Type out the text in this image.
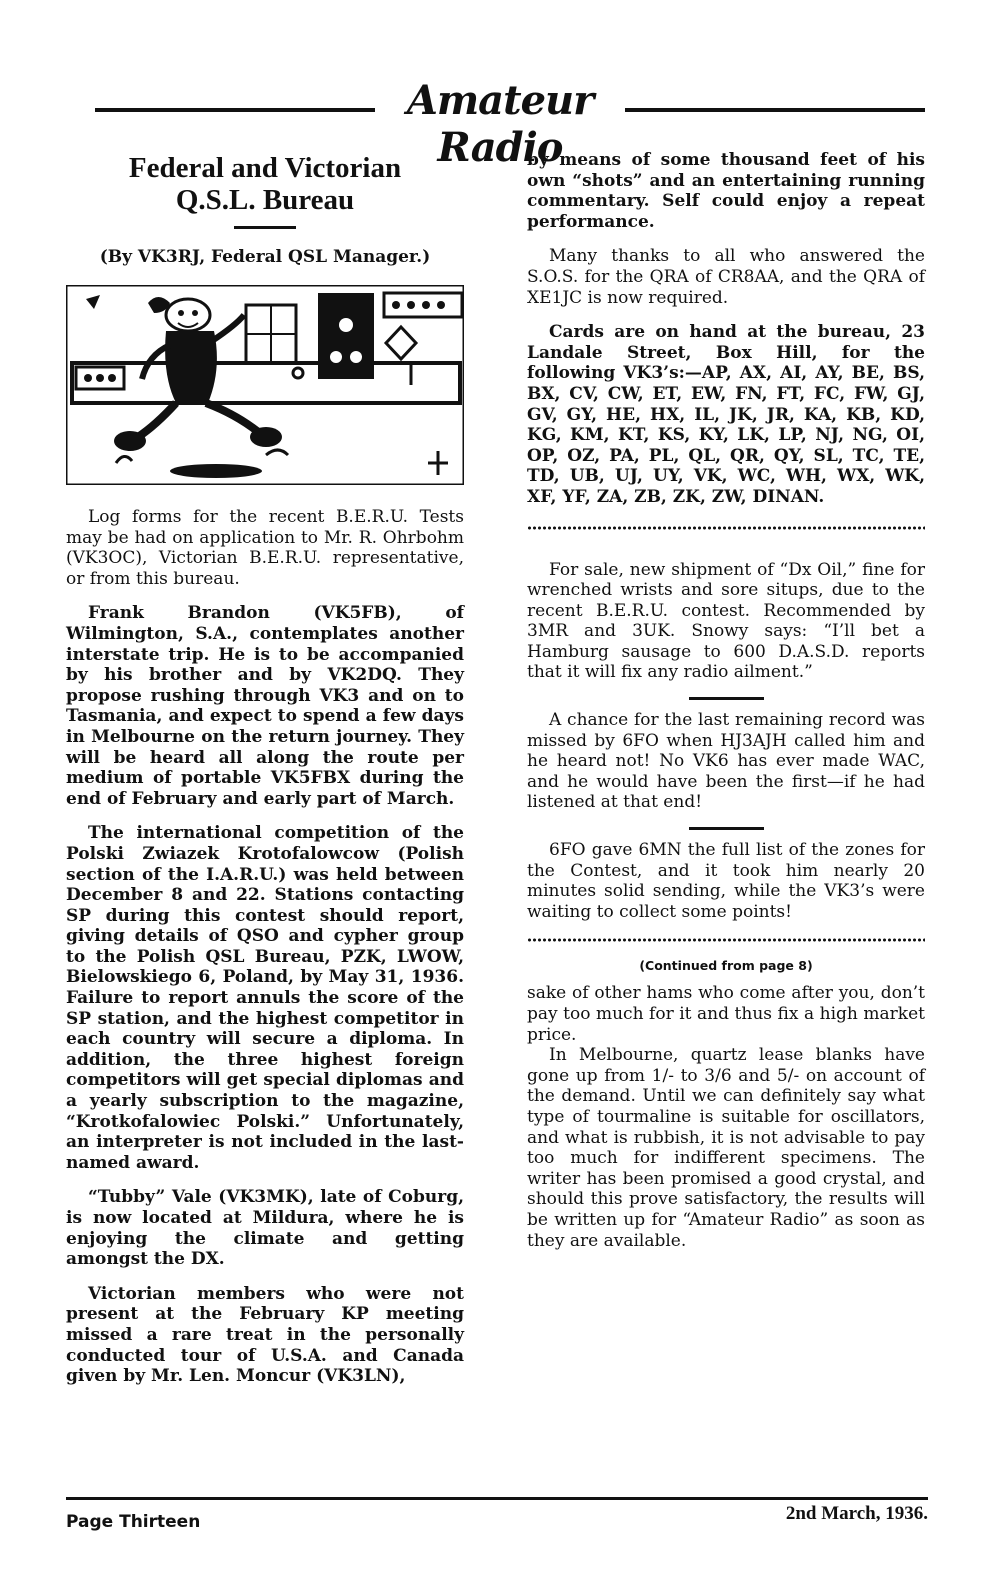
Amateur Radio
Federal and Victorian
Q.S.L. Bureau
(By VK3RJ, Federal QSL Manager.)

Log forms for the recent B.E.R.U. Tests may be had on application to Mr. R. Ohrbohm (VK3OC), Victorian B.E.R.U. representative, or from this bureau.

Frank Brandon (VK5FB), of Wilmington, S.A., contemplates another interstate trip. He is to be accompanied by his brother and by VK2DQ. They propose rushing through VK3 and on to Tasmania, and expect to spend a few days in Melbourne on the return journey. They will be heard all along the route per medium of portable VK5FBX during the end of February and early part of March.

The international competition of the Polski Zwiazek Krotofalowcow (Polish section of the I.A.R.U.) was held between December 8 and 22. Stations contacting SP during this contest should report, giving details of QSO and cypher group to the Polish QSL Bureau, PZK, LWOW, Bielowskiego 6, Poland, by May 31, 1936. Failure to report annuls the score of the SP station, and the highest competitor in each country will secure a diploma. In addition, the three highest foreign competitors will get special diplomas and a yearly subscription to the magazine, “Krotkofalowiec Polski.” Unfortunately, an interpreter is not included in the last-named award.

“Tubby” Vale (VK3MK), late of Coburg, is now located at Mildura, where he is enjoying the climate and getting amongst the DX.

Victorian members who were not present at the February KP meeting missed a rare treat in the personally conducted tour of U.S.A. and Canada given by Mr. Len. Moncur (VK3LN),

by means of some thousand feet of his own “shots” and an entertaining running commentary. Self could enjoy a repeat performance.

Many thanks to all who answered the S.O.S. for the QRA of CR8AA, and the QRA of XE1JC is now required.

Cards are on hand at the bureau, 23 Landale Street, Box Hill, for the following VK3’s:—AP, AX, AI, AY, BE, BS, BX, CV, CW, ET, EW, FN, FT, FC, FW, GJ, GV, GY, HE, HX, IL, JK, JR, KA, KB, KD, KG, KM, KT, KS, KY, LK, LP, NJ, NG, OI, OP, OZ, PA, PL, QL, QR, QY, SL, TC, TE, TD, UB, UJ, UY, VK, WC, WH, WX, WK, XF, YF, ZA, ZB, ZK, ZW, DINAN.

For sale, new shipment of “Dx Oil,” fine for wrenched wrists and sore situps, due to the recent B.E.R.U. contest. Recommended by 3MR and 3UK. Snowy says: “I’ll bet a Hamburg sausage to 600 D.A.S.D. reports that it will fix any radio ailment.”

A chance for the last remaining record was missed by 6FO when HJ3AJH called him and he heard not! No VK6 has ever made WAC, and he would have been the first—if he had listened at that end!

6FO gave 6MN the full list of the zones for the Contest, and it took him nearly 20 minutes solid sending, while the VK3’s were waiting to collect some points!

(Continued from page 8)

sake of other hams who come after you, don’t pay too much for it and thus fix a high market price.

In Melbourne, quartz lease blanks have gone up from 1/- to 3/6 and 5/- on account of the demand. Until we can definitely say what type of tourmaline is suitable for oscillators, and what is rubbish, it is not advisable to pay too much for indifferent specimens. The writer has been promised a good crystal, and should this prove satisfactory, the results will be written up for “Amateur Radio” as soon as they are available.

Page Thirteen	2nd March, 1936.
